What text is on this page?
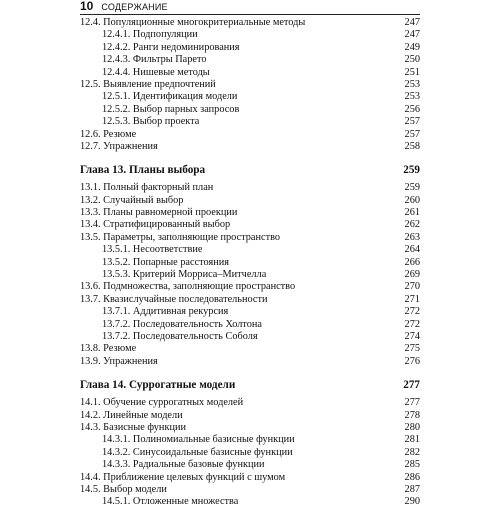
10 СОДЕРЖАНИЕ
12.4. Популяционные многокритериальные методы	247
12.4.1. Подпопуляции	247
12.4.2. Ранги недоминирования	249
12.4.3. Фильтры Парето	250
12.4.4. Нишевые методы	251
12.5. Выявление предпочтений	253
12.5.1. Идентификация модели	253
12.5.2. Выбор парных запросов	256
12.5.3. Выбор проекта	257
12.6. Резюме	257
12.7. Упражнения	258
Глава 13. Планы выбора	259
13.1. Полный факторный план	259
13.2. Случайный выбор	260
13.3. Планы равномерной проекции	261
13.4. Стратифицированный выбор	262
13.5. Параметры, заполняющие пространство	263
13.5.1. Несоответствие	264
13.5.2. Попарные расстояния	266
13.5.3. Критерий Морриса–Митчелла	269
13.6. Подмножества, заполняющие пространство	270
13.7. Квазислучайные последовательности	271
13.7.1. Аддитивная рекурсия	272
13.7.2. Последовательность Холтона	272
13.7.2. Последовательность Соболя	274
13.8. Резюме	275
13.9. Упражнения	276
Глава 14. Суррогатные модели	277
14.1. Обучение суррогатных моделей	277
14.2. Линейные модели	278
14.3. Базисные функции	280
14.3.1. Полиномиальные базисные функции	281
14.3.2. Синусоидальные базисные функции	282
14.3.3. Радиальные базовые функции	285
14.4. Приближение целевых функций с шумом	286
14.5. Выбор модели	287
14.5.1. Отложенные множества	290
